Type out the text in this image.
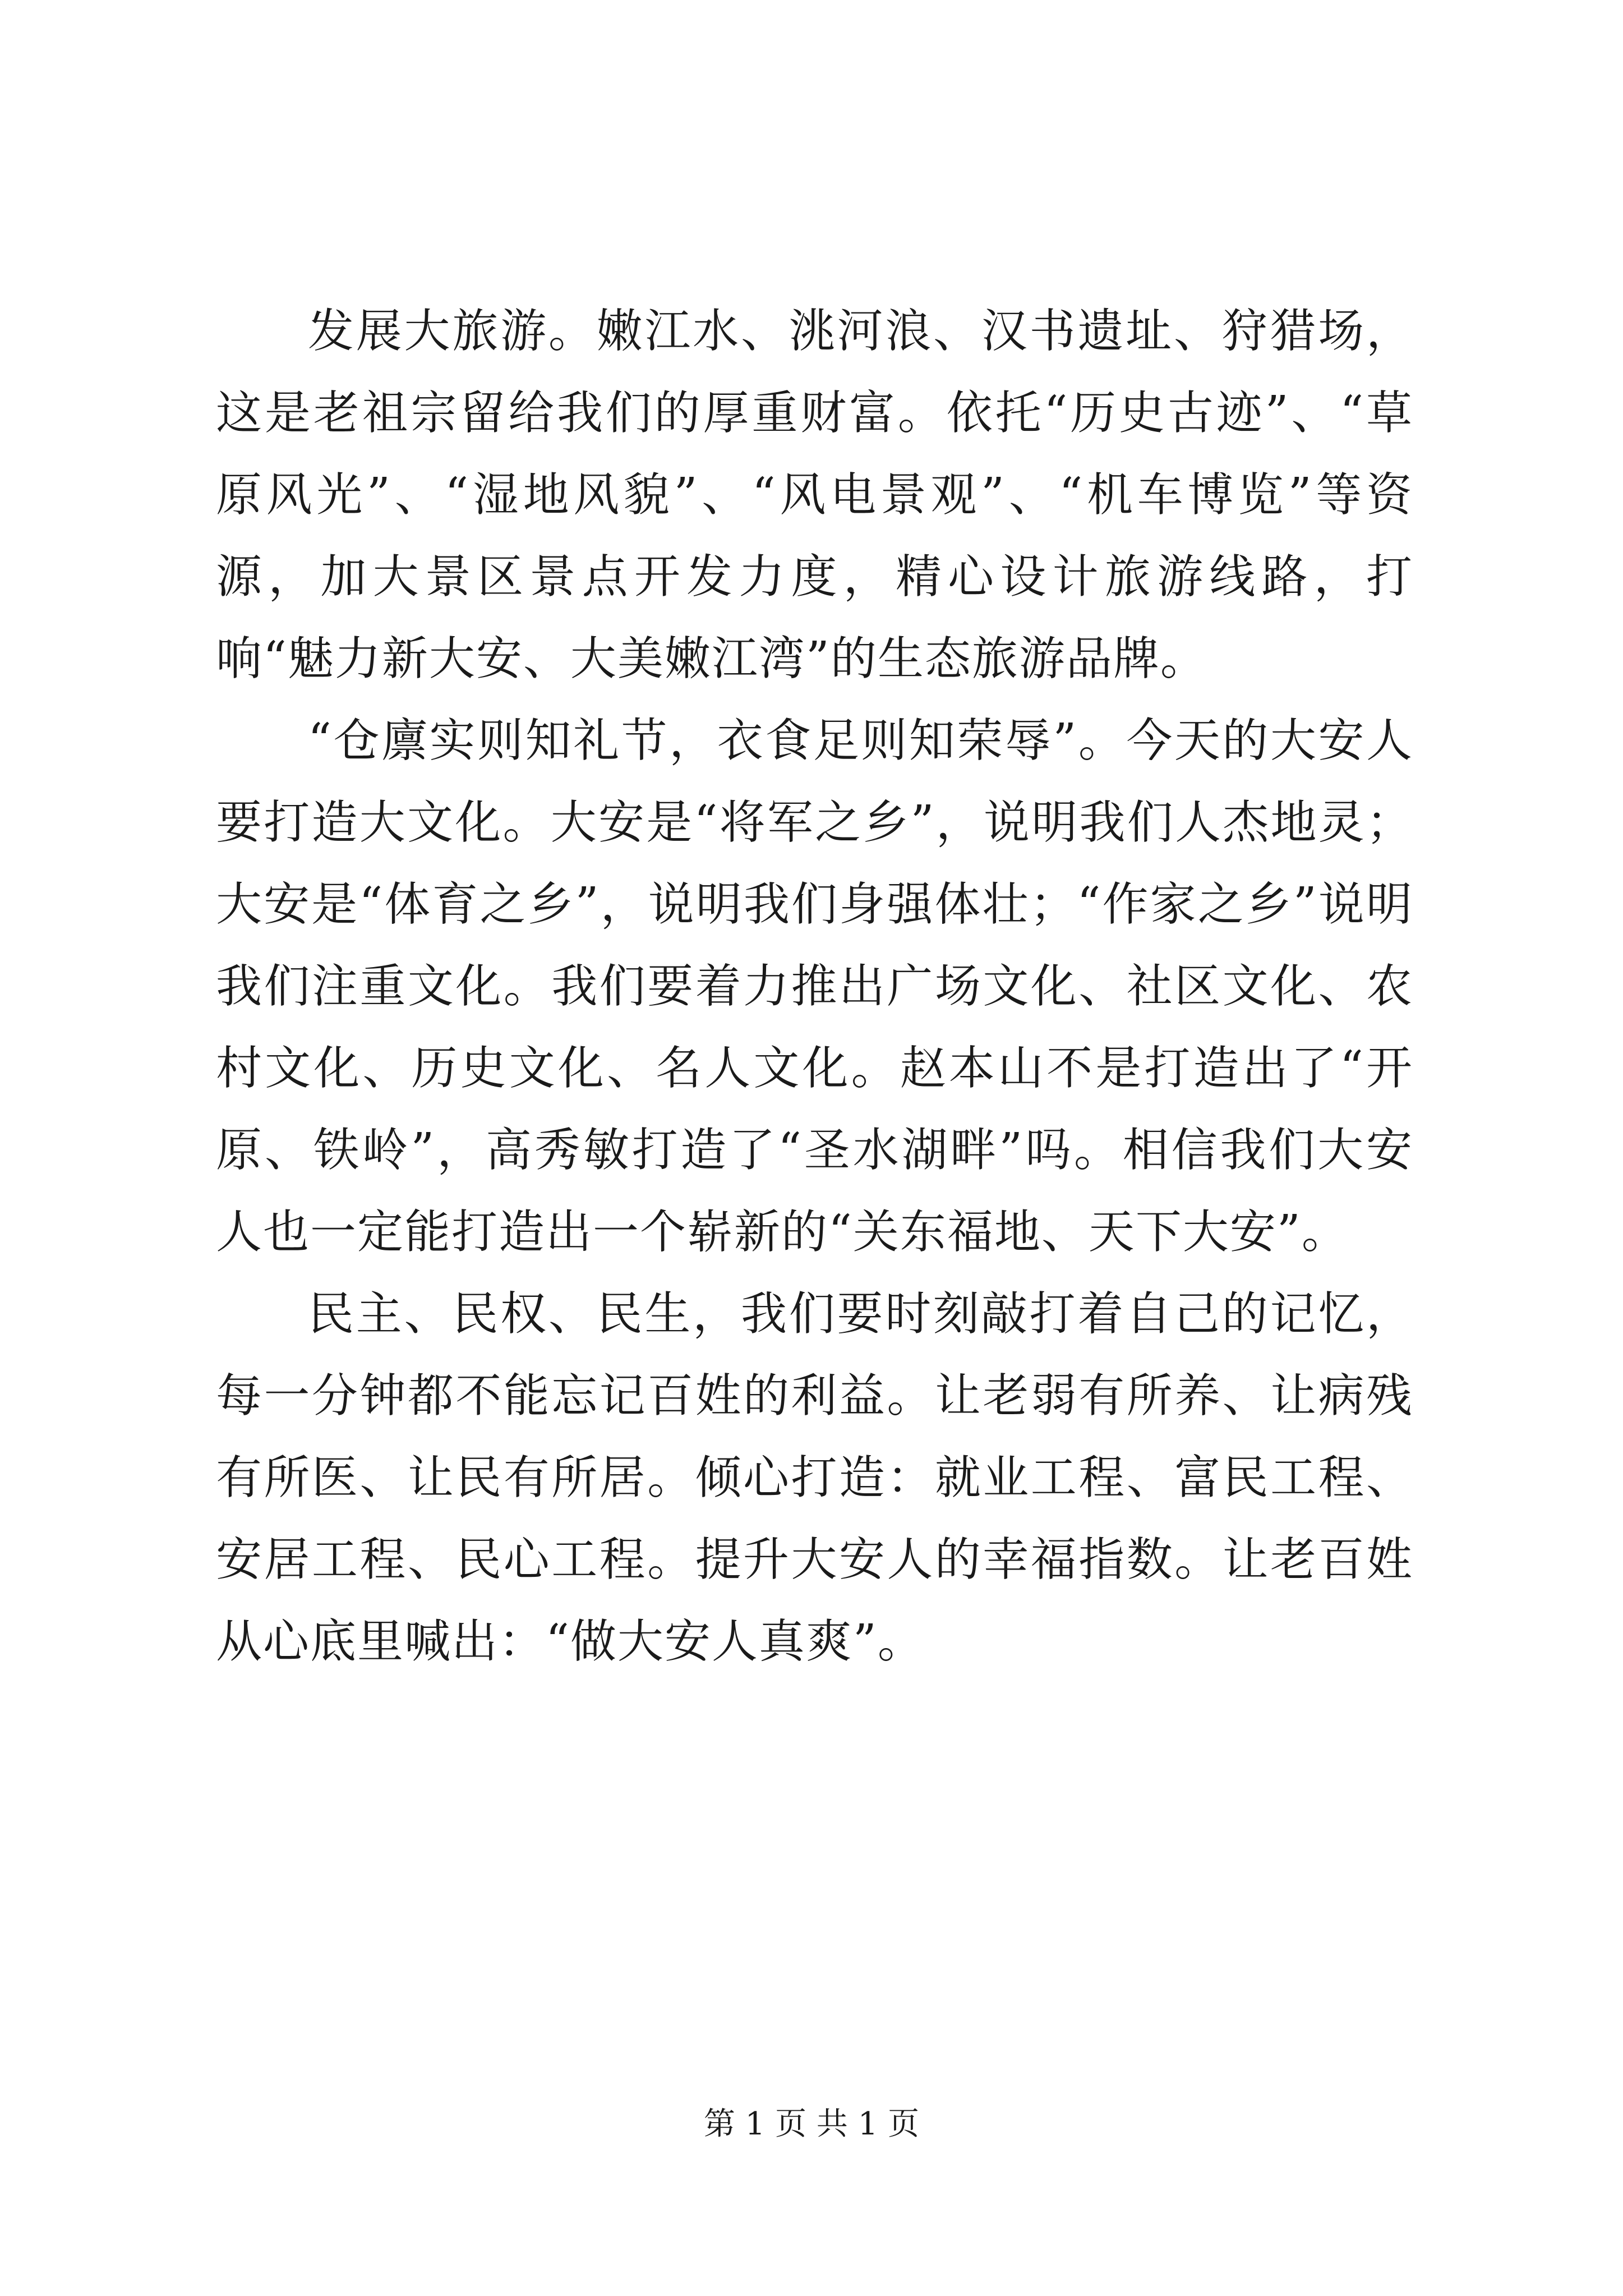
发展大旅游。嫩江水、洮河浪、汉书遗址、狩猎场，这是老祖宗留给我们的厚重财富。依托“历史古迹”、“草原风光”、“湿地风貌”、“风电景观”、“机车博览”等资源，加大景区景点开发力度，精心设计旅游线路，打响“魅力新大安、大美嫩江湾”的生态旅游品牌。

“仓廪实则知礼节，衣食足则知荣辱”。今天的大安人要打造大文化。大安是“将军之乡”，说明我们人杰地灵；大安是“体育之乡”，说明我们身强体壮；“作家之乡”说明我们注重文化。我们要着力推出广场文化、社区文化、农村文化、历史文化、名人文化。赵本山不是打造出了“开原、铁岭”，高秀敏打造了“圣水湖畔”吗。相信我们大安人也一定能打造出一个崭新的“关东福地、天下大安”。

民主、民权、民生，我们要时刻敲打着自己的记忆，每一分钟都不能忘记百姓的利益。让老弱有所养、让病残有所医、让民有所居。倾心打造：就业工程、富民工程、安居工程、民心工程。提升大安人的幸福指数。让老百姓从心底里喊出：“做大安人真爽”。

第 1 页 共 1 页
